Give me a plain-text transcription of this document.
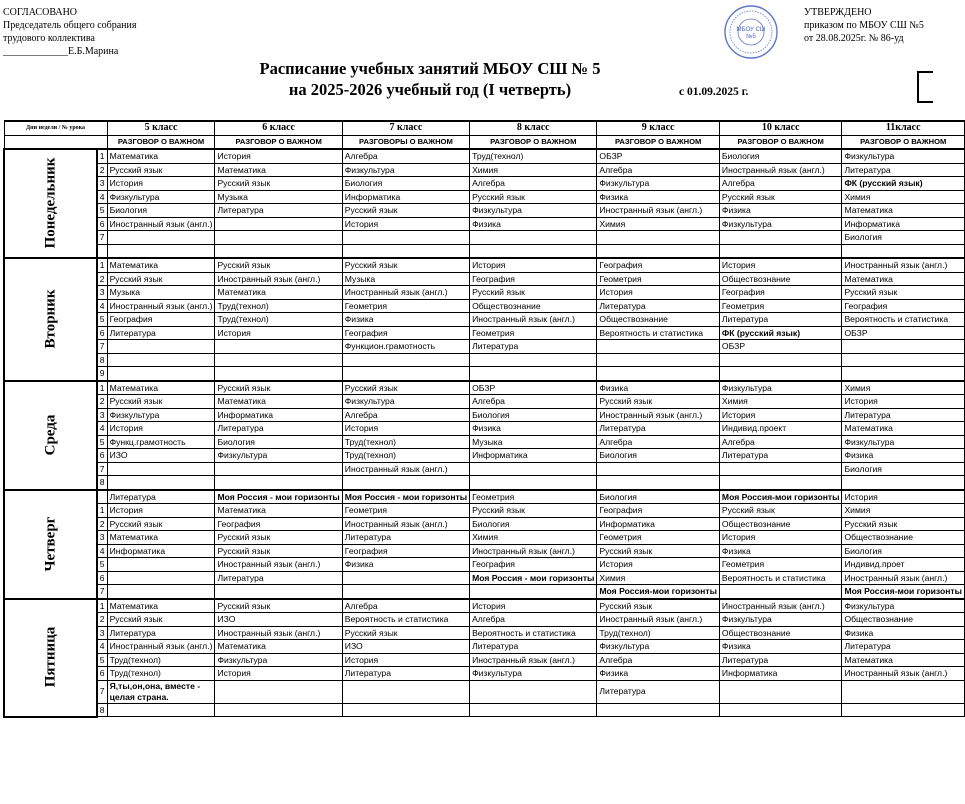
СОГЛАСОВАНО
Председатель общего собрания
трудового коллектива
_____________Е.Б.Марина
МБОУ СШ
№5
УТВЕРЖДЕНО
приказом по МБОУ СШ №5
от 28.08.2025г. № 86-уд
Расписание учебных занятий МБОУ СШ № 5
на 2025-2026 учебный год (I четверть)	с 01.09.2025 г.
Дни недели / № урока		5 класс	6 класс	7 класс	8 класс	9 класс	10 класс	11класс
		РАЗГОВОР О ВАЖНОМ	РАЗГОВОР О ВАЖНОМ	РАЗГОВОРЫ О ВАЖНОМ	РАЗГОВОР О ВАЖНОМ	РАЗГОВОР О ВАЖНОМ	РАЗГОВОР О ВАЖНОМ	РАЗГОВОР О ВАЖНОМ
Понедельник	1	Математика	История	Алгебра	Труд(технол)	ОБЗР	Биология	Физкультура
	2	Русский язык	Математика	Физкультура	Химия	Алгебра	Иностранный язык (англ.)	Литература
	3	История	Русский язык	Биология	Алгебра	Физкультура	Алгебра	ФК (русский язык)
	4	Физкультура	Музыка	Информатика	Русский язык	Физика	Русский язык	Химия
	5	Биология	Литература	Русский язык	Физкультура	Иностранный язык (англ.)	Физика	Математика
	6	Иностранный язык (англ.)		История	Физика	Химия	Физкультура	Информатика
	7							Биология

Вторник	1	Математика	Русский язык	Русский язык	История	География	История	Иностранный язык (англ.)
	2	Русский язык	Иностранный язык (англ.)	Музыка	География	Геометрия	Обществознание	Математика
	3	Музыка	Математика	Иностранный язык (англ.)	Русский язык	История	География	Русский язык
	4	Иностранный язык (англ.)	Труд(технол)	Геометрия	Обществознание	Литература	Геометрия	География
	5	География	Труд(технол)	Физика	Иностранный язык (англ.)	Обществознание	Литература	Вероятность и статистика
	6	Литература	История	География	Геометрия	Вероятность и статистика	ФК (русский язык)	ОБЗР
	7			Функцион.грамотность	Литература		ОБЗР	
	8							
	9							
Среда	1	Математика	Русский язык	Русский язык	ОБЗР	Физика	Физкультура	Химия
	2	Русский язык	Математика	Физкультура	Алгебра	Русский язык	Химия	История
	3	Физкультура	Информатика	Алгебра	Биология	Иностранный язык (англ.)	История	Литература
	4	История	Литература	История	Физика	Литература	Индивид.проект	Математика
	5	Функц.грамотность	Биология	Труд(технол)	Музыка	Алгебра	Алгебра	Физкультура
	6	ИЗО	Физкультура	Труд(технол)	Информатика	Биология	Литература	Физика
	7			Иностранный язык (англ.)				Биология
	8							
Четверг		Литература	Моя Россия - мои горизонты	Моя Россия - мои горизонты	Геометрия	Биология	Моя Россия-мои горизонты	История
	1	История	Математика	Геометрия	Русский язык	География	Русский язык	Химия
	2	Русский язык	География	Иностранный язык (англ.)	Биология	Информатика	Обществознание	Русский язык
	3	Математика	Русский язык	Литература	Химия	Геометрия	История	Обществознание
	4	Информатика	Русский язык	География	Иностранный язык (англ.)	Русский язык	Физика	Биология
	5		Иностранный язык (англ.)	Физика	География	История	Геометрия	Индивид.проет
	6		Литература		Моя Россия - мои горизонты	Химия	Вероятность и статистика	Иностранный язык (англ.)
	7					Моя Россия-мои горизонты		Моя Россия-мои горизонты
Пятница	1	Математика	Русский язык	Алгебра	История	Русский язык	Иностранный язык (англ.)	Физкультура
	2	Русский язык	ИЗО	Вероятность и статистика	Алгебра	Иностранный язык (англ.)	Физкультура	Обществознание
	3	Литература	Иностранный язык (англ.)	Русский язык	Вероятность и статистика	Труд(технол)	Обществознание	Физика
	4	Иностранный язык (англ.)	Математика	ИЗО	Литература	Физкультура	Физика	Литература
	5	Труд(технол)	Физкультура	История	Иностранный язык (англ.)	Алгебра	Литература	Математика
	6	Труд(технол)	История	Литература	Физкультура	Физика	Информатика	Иностранный язык (англ.)
	7	Я,ты,он,она, вместе - целая страна.				Литература		
	8							
